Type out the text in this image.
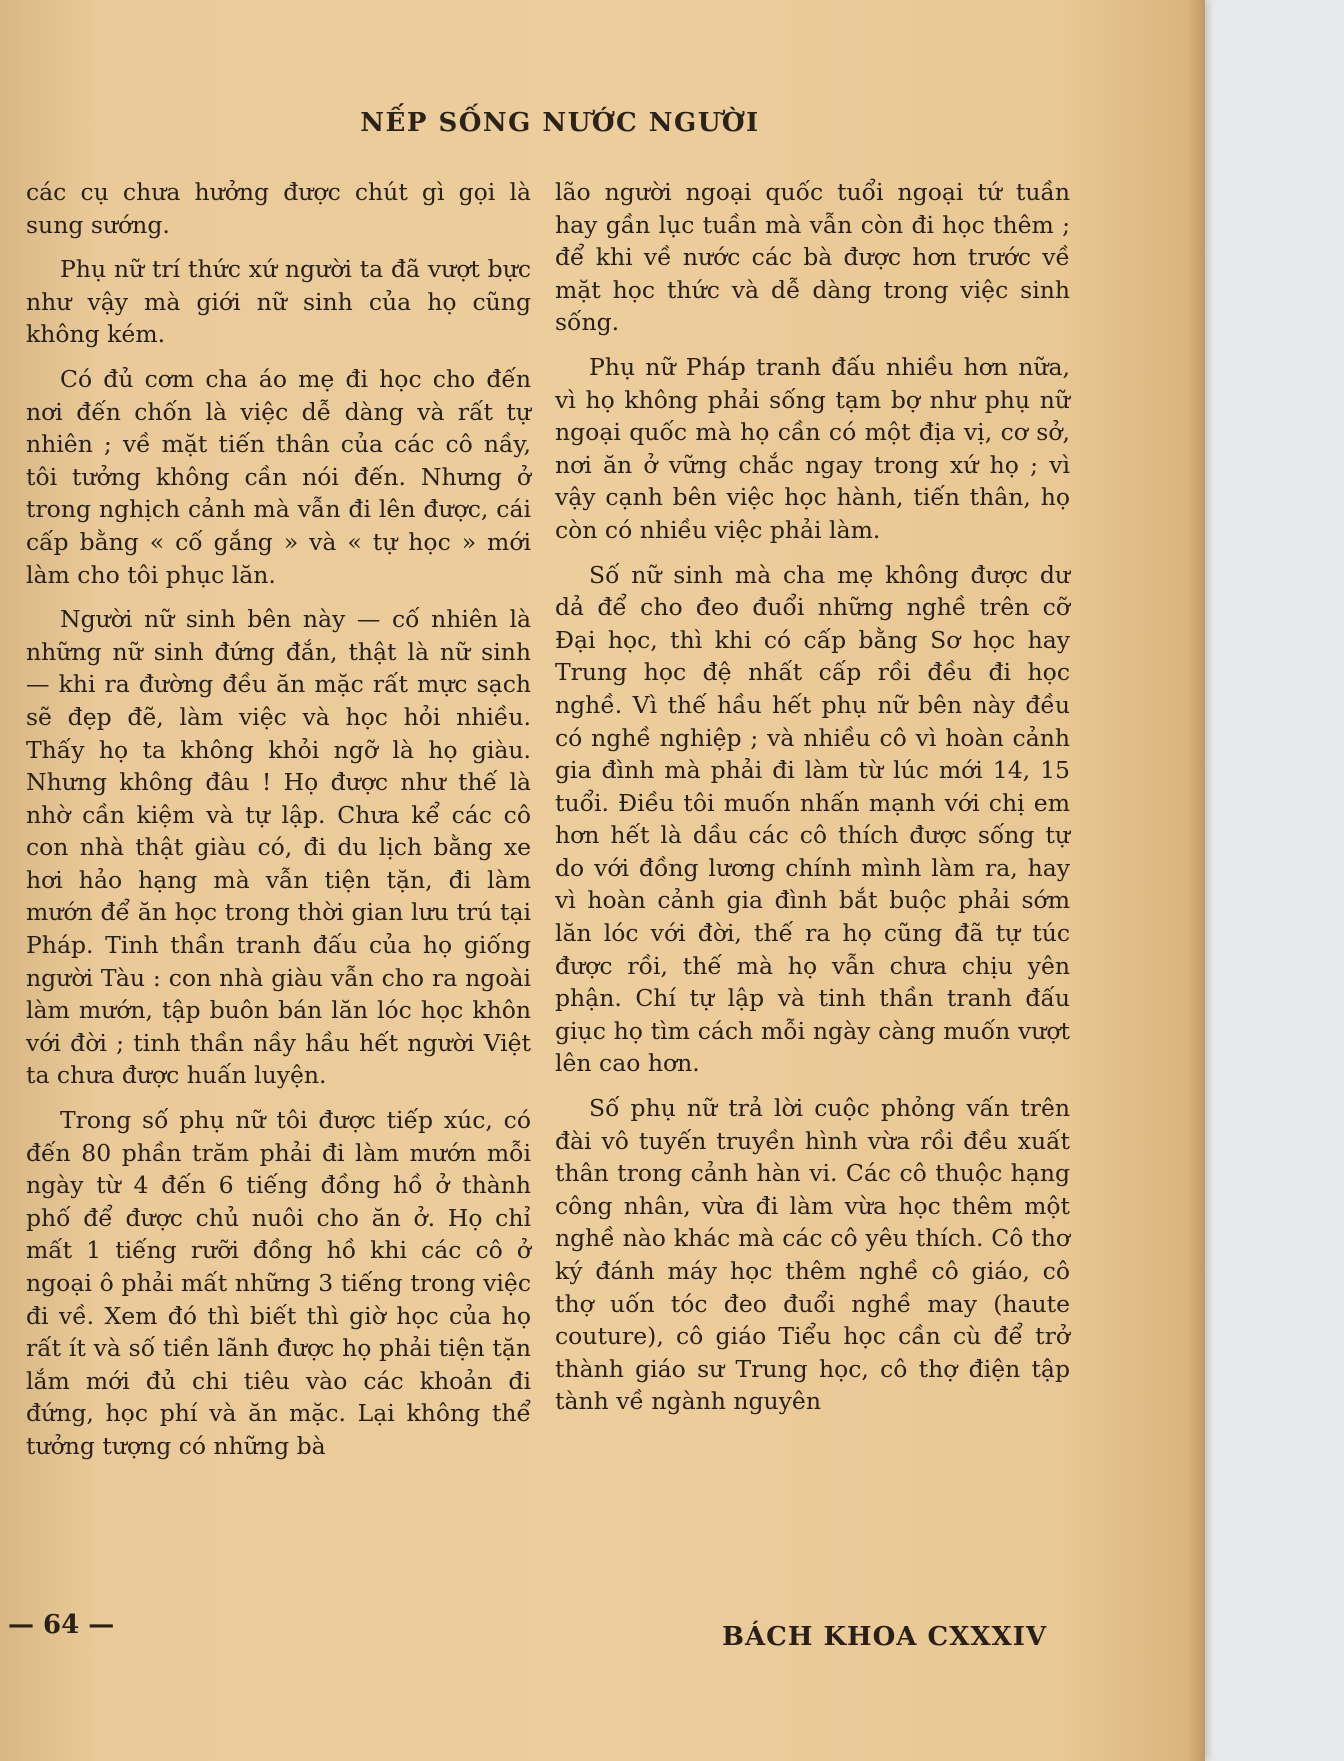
NẾP SỐNG NƯỚC NGƯỜI

các cụ chưa hưởng được chút gì gọi là sung sướng.

Phụ nữ trí thức xứ người ta đã vượt bực như vậy mà giới nữ sinh của họ cũng không kém.

Có đủ cơm cha áo mẹ đi học cho đến nơi đến chốn là việc dễ dàng và rất tự nhiên ; về mặt tiến thân của các cô nầy, tôi tưởng không cần nói đến. Nhưng ở trong nghịch cảnh mà vẫn đi lên được, cái cấp bằng « cố gắng » và « tự học » mới làm cho tôi phục lăn.

Người nữ sinh bên này — cố nhiên là những nữ sinh đứng đắn, thật là nữ sinh — khi ra đường đều ăn mặc rất mực sạch sẽ đẹp đẽ, làm việc và học hỏi nhiều. Thấy họ ta không khỏi ngỡ là họ giàu. Nhưng không đâu ! Họ được như thế là nhờ cần kiệm và tự lập. Chưa kể các cô con nhà thật giàu có, đi du lịch bằng xe hơi hảo hạng mà vẫn tiện tặn, đi làm mướn để ăn học trong thời gian lưu trú tại Pháp. Tinh thần tranh đấu của họ giống người Tàu : con nhà giàu vẫn cho ra ngoài làm mướn, tập buôn bán lăn lóc học khôn với đời ; tinh thần nầy hầu hết người Việt ta chưa được huấn luyện.

Trong số phụ nữ tôi được tiếp xúc, có đến 80 phần trăm phải đi làm mướn mỗi ngày từ 4 đến 6 tiếng đồng hồ ở thành phố để được chủ nuôi cho ăn ở. Họ chỉ mất 1 tiếng rưỡi đồng hồ khi các cô ở ngoại ô phải mất những 3 tiếng trong việc đi về. Xem đó thì biết thì giờ học của họ rất ít và số tiền lãnh được họ phải tiện tặn lắm mới đủ chi tiêu vào các khoản đi đứng, học phí và ăn mặc. Lại không thể tưởng tượng có những bà

lão người ngoại quốc tuổi ngoại tứ tuần hay gần lục tuần mà vẫn còn đi học thêm ; để khi về nước các bà được hơn trước về mặt học thức và dễ dàng trong việc sinh sống.

Phụ nữ Pháp tranh đấu nhiều hơn nữa, vì họ không phải sống tạm bợ như phụ nữ ngoại quốc mà họ cần có một địa vị, cơ sở, nơi ăn ở vững chắc ngay trong xứ họ ; vì vậy cạnh bên việc học hành, tiến thân, họ còn có nhiều việc phải làm.

Số nữ sinh mà cha mẹ không được dư dả để cho đeo đuổi những nghề trên cỡ Đại học, thì khi có cấp bằng Sơ học hay Trung học đệ nhất cấp rồi đều đi học nghề. Vì thế hầu hết phụ nữ bên này đều có nghề nghiệp ; và nhiều cô vì hoàn cảnh gia đình mà phải đi làm từ lúc mới 14, 15 tuổi. Điều tôi muốn nhấn mạnh với chị em hơn hết là dầu các cô thích được sống tự do với đồng lương chính mình làm ra, hay vì hoàn cảnh gia đình bắt buộc phải sớm lăn lóc với đời, thế ra họ cũng đã tự túc được rồi, thế mà họ vẫn chưa chịu yên phận. Chí tự lập và tinh thần tranh đấu giục họ tìm cách mỗi ngày càng muốn vượt lên cao hơn.

Số phụ nữ trả lời cuộc phỏng vấn trên đài vô tuyến truyền hình vừa rồi đều xuất thân trong cảnh hàn vi. Các cô thuộc hạng công nhân, vừa đi làm vừa học thêm một nghề nào khác mà các cô yêu thích. Cô thơ ký đánh máy học thêm nghề cô giáo, cô thợ uốn tóc đeo đuổi nghề may (haute couture), cô giáo Tiểu học cần cù để trở thành giáo sư Trung học, cô thợ điện tập tành về ngành nguyên

— 64 —	BÁCH KHOA CXXXIV
